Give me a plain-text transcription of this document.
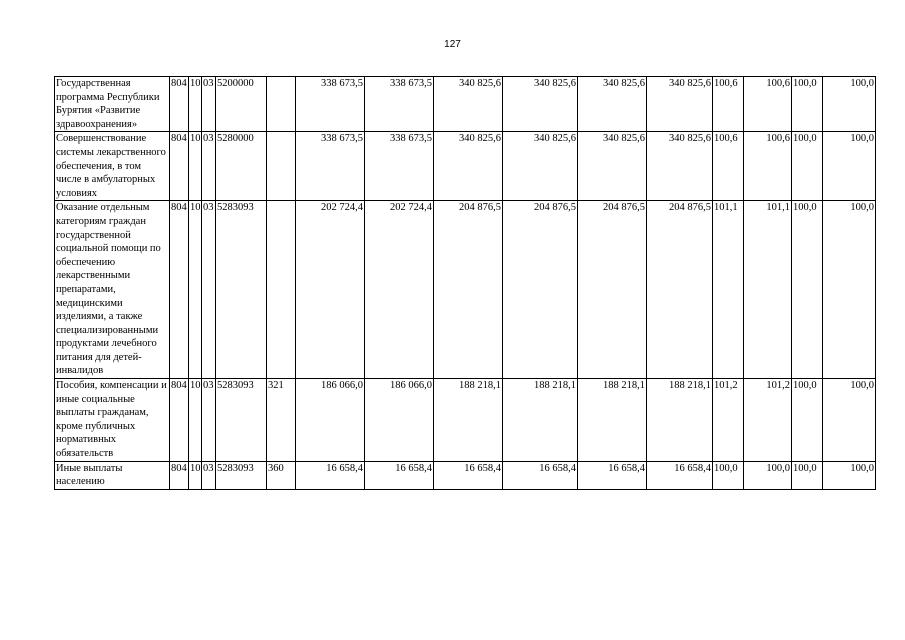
127
Государственная программа Республики Бурятия «Развитие здравоохранения»	804	10	03	5200000		338 673,5	338 673,5	340 825,6	340 825,6	340 825,6	340 825,6	100,6	100,6	100,0	100,0
Совершенствование системы лекарственного обеспечения, в том числе в амбулаторных условиях	804	10	03	5280000		338 673,5	338 673,5	340 825,6	340 825,6	340 825,6	340 825,6	100,6	100,6	100,0	100,0
Оказание отдельным категориям граждан государственной социальной помощи по обеспечению лекарственными препаратами, медицинскими изделиями, а также специализированными продуктами лечебного питания для детей-инвалидов	804	10	03	5283093		202 724,4	202 724,4	204 876,5	204 876,5	204 876,5	204 876,5	101,1	101,1	100,0	100,0
Пособия, компенсации и иные социальные выплаты гражданам, кроме публичных нормативных обязательств	804	10	03	5283093	321	186 066,0	186 066,0	188 218,1	188 218,1	188 218,1	188 218,1	101,2	101,2	100,0	100,0
Иные выплаты населению	804	10	03	5283093	360	16 658,4	16 658,4	16 658,4	16 658,4	16 658,4	16 658,4	100,0	100,0	100,0	100,0
